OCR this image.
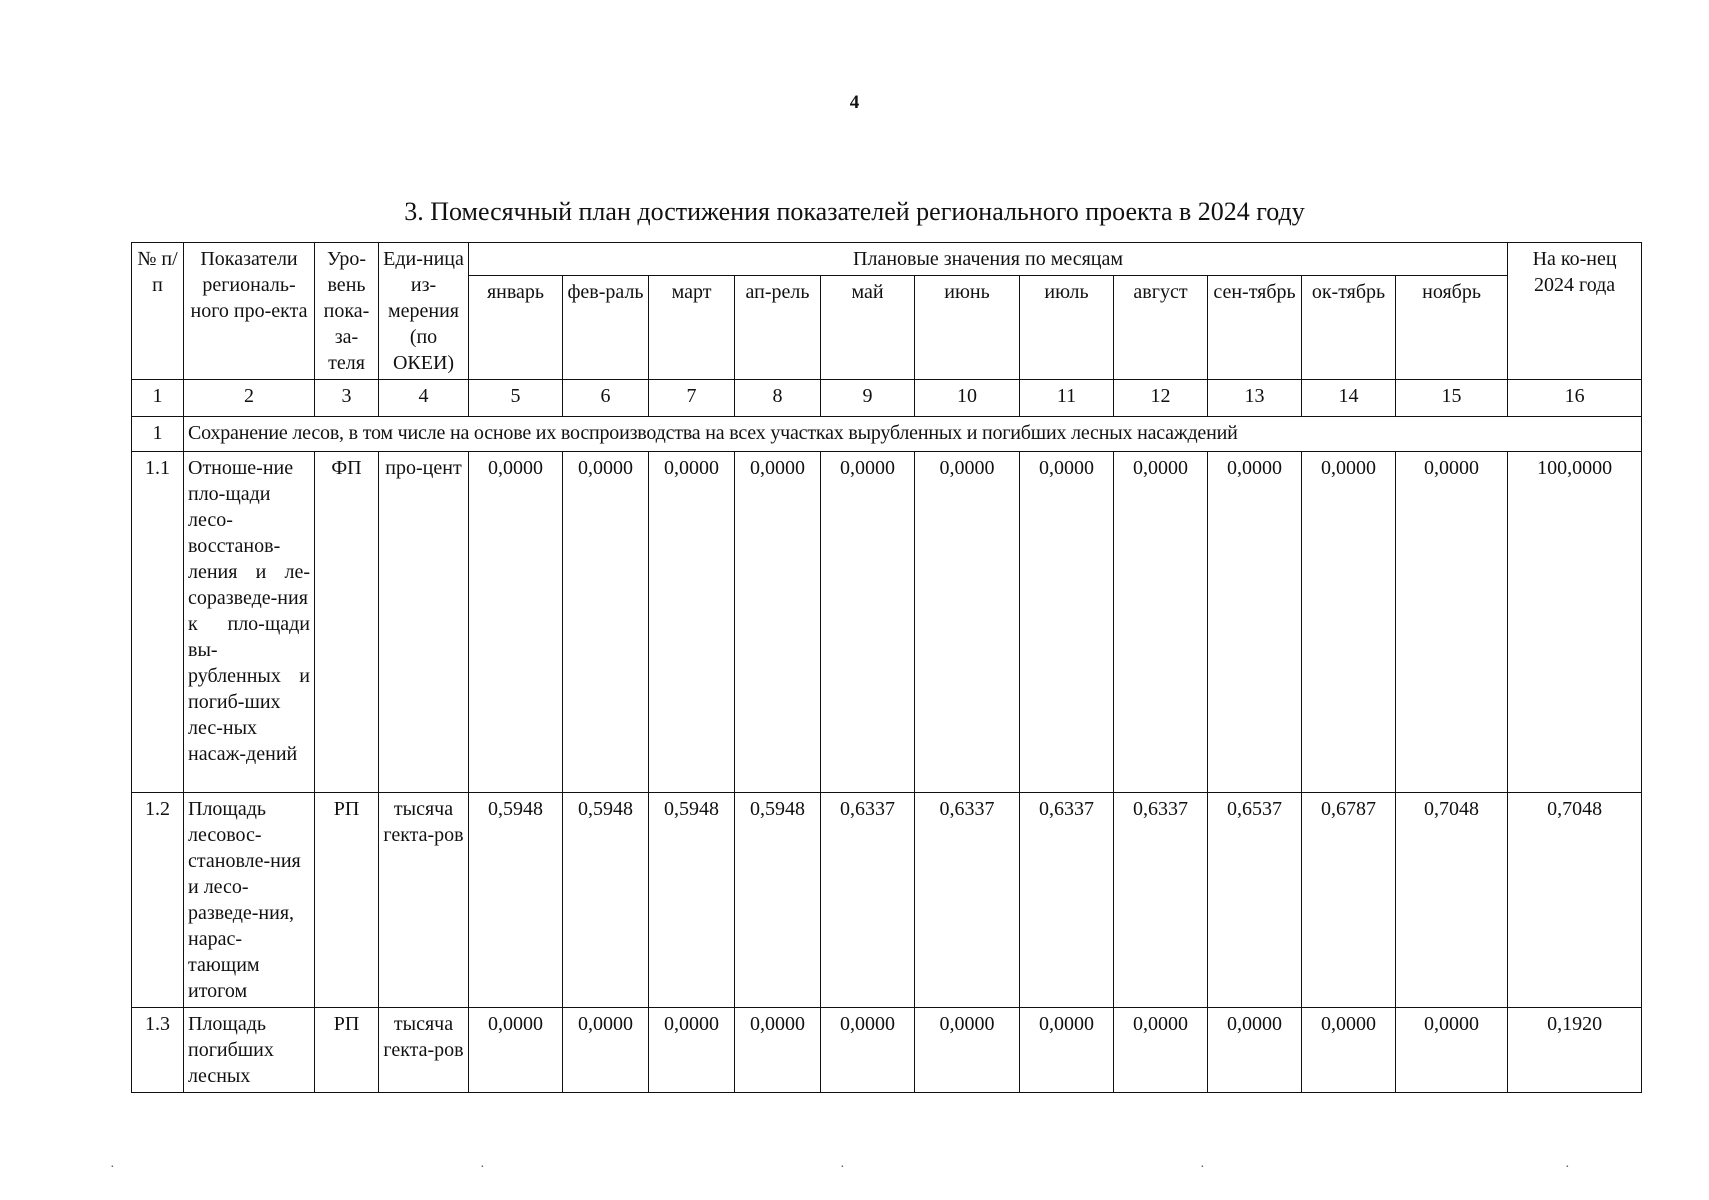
4
3. Помесячный план достижения показателей регионального проекта в 2024 году
№ п/п	Показатели региональ-ного про-екта	Уро-вень пока-за-теля	Еди-ница из-мерения (по ОКЕИ)	Плановые значения по месяцам											На ко-нец 2024 года
				январь	фев-раль	март	ап-рель	май	июнь	июль	август	сен-тябрь	ок-тябрь	ноябрь	
1	2	3	4	5	6	7	8	9	10	11	12	13	14	15	16
1	Сохранение лесов, в том числе на основе их воспроизводства на всех участках вырубленных и погибших лесных насаждений														
1.1	Отноше-ние пло-щади лесо-восстанов-ления и ле-соразведе-ния к пло-щади вы-рубленных и погиб-ших лес-ных насаж-дений	ФП	про-цент	0,0000	0,0000	0,0000	0,0000	0,0000	0,0000	0,0000	0,0000	0,0000	0,0000	0,0000	100,0000
1.2	Площадь лесовос-становле-ния и лесо-разведе-ния, нарас-тающим итогом	РП	тысяча гекта-ров	0,5948	0,5948	0,5948	0,5948	0,6337	0,6337	0,6337	0,6337	0,6537	0,6787	0,7048	0,7048
1.3	Площадь погибших лесных	РП	тысяча гекта-ров	0,0000	0,0000	0,0000	0,0000	0,0000	0,0000	0,0000	0,0000	0,0000	0,0000	0,0000	0,1920
·	·	·	·	·
